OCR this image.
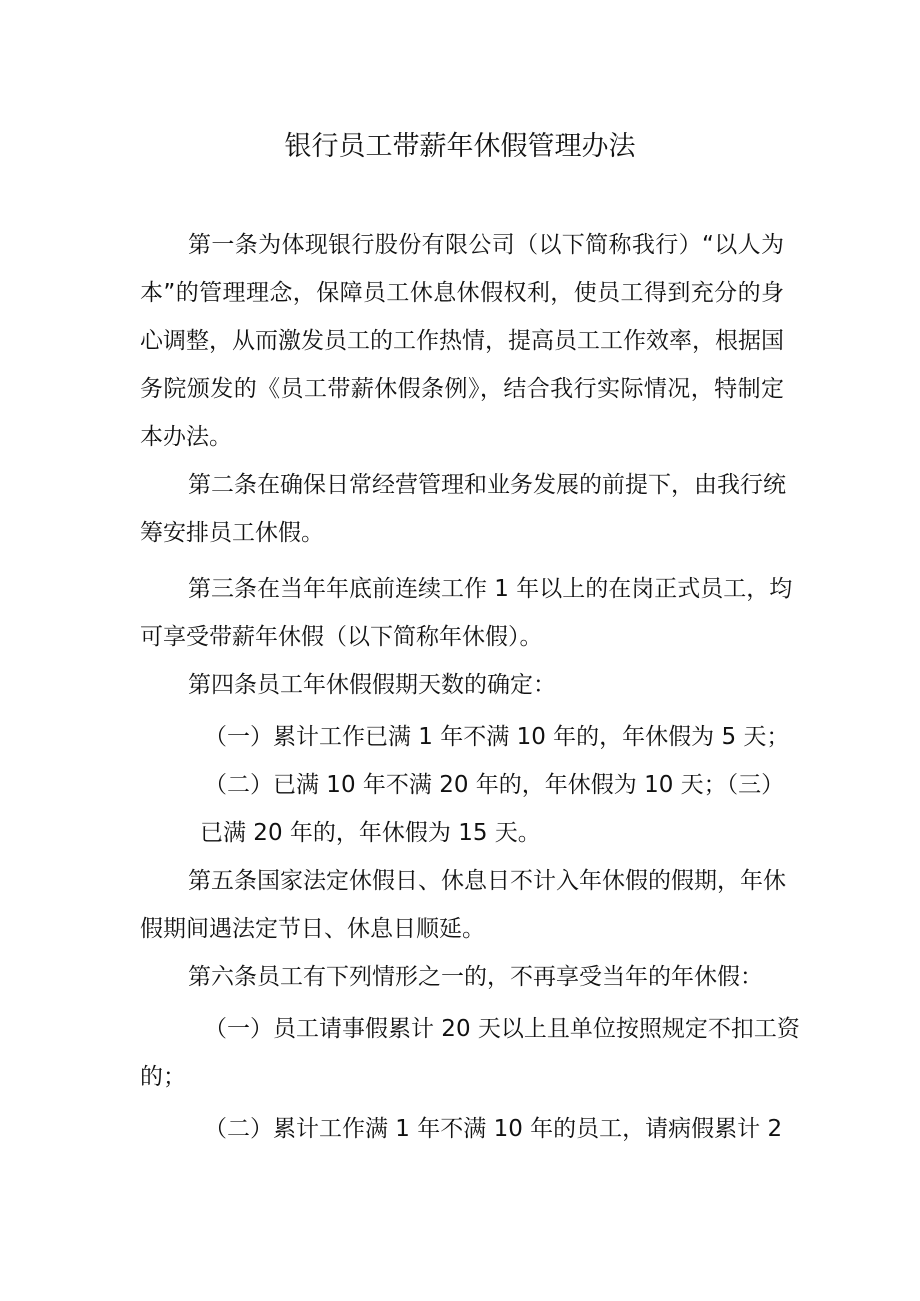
银行员工带薪年休假管理办法
第一条为体现银行股份有限公司（以下简称我行）“以人为
本”的管理理念，保障员工休息休假权利，使员工得到充分的身
心调整，从而激发员工的工作热情，提高员工工作效率，根据国
务院颁发的《员工带薪休假条例》，结合我行实际情况，特制定
本办法。
第二条在确保日常经营管理和业务发展的前提下，由我行统
筹安排员工休假。
第三条在当年年底前连续工作 1 年以上的在岗正式员工，均
可享受带薪年休假（以下简称年休假）。
第四条员工年休假假期天数的确定：
（一）累计工作已满 1 年不满 10 年的，年休假为 5 天；
（二）已满 10 年不满 20 年的，年休假为 10 天；（三）
已满 20 年的，年休假为 15 天。
第五条国家法定休假日、休息日不计入年休假的假期，年休
假期间遇法定节日、休息日顺延。
第六条员工有下列情形之一的，不再享受当年的年休假：
（一）员工请事假累计 20 天以上且单位按照规定不扣工资
的；
（二）累计工作满 1 年不满 10 年的员工，请病假累计 2
